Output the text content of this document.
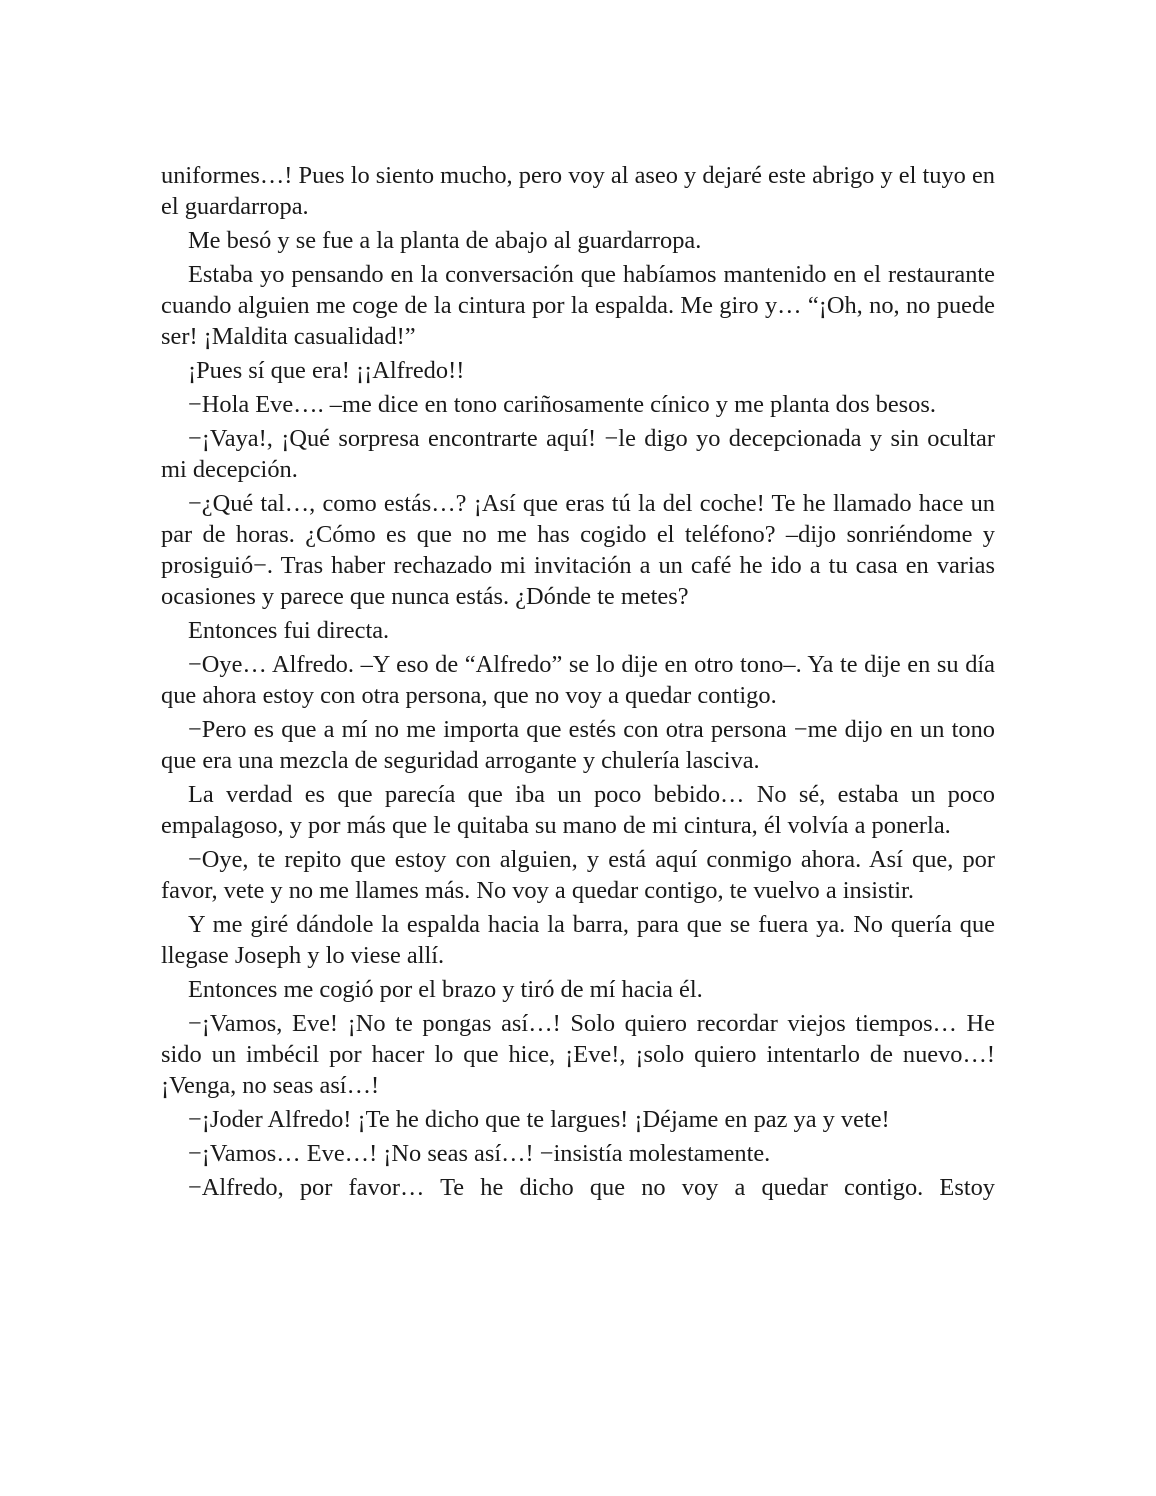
uniformes…! Pues lo siento mucho, pero voy al aseo y dejaré este abrigo y el tuyo en el guardarropa.

Me besó y se fue a la planta de abajo al guardarropa.

Estaba yo pensando en la conversación que habíamos mantenido en el restaurante cuando alguien me coge de la cintura por la espalda. Me giro y… “¡Oh, no, no puede ser! ¡Maldita casualidad!”

¡Pues sí que era! ¡¡Alfredo!!

−Hola Eve…. –me dice en tono cariñosamente cínico y me planta dos besos.

−¡Vaya!, ¡Qué sorpresa encontrarte aquí! −le digo yo decepcionada y sin ocultar mi decepción.

−¿Qué tal…, como estás…? ¡Así que eras tú la del coche! Te he llamado hace un par de horas. ¿Cómo es que no me has cogido el teléfono? –dijo sonriéndome y prosiguió−. Tras haber rechazado mi invitación a un café he ido a tu casa en varias ocasiones y parece que nunca estás. ¿Dónde te metes?

Entonces fui directa.

−Oye… Alfredo. –Y eso de “Alfredo” se lo dije en otro tono–. Ya te dije en su día que ahora estoy con otra persona, que no voy a quedar contigo.

−Pero es que a mí no me importa que estés con otra persona −me dijo en un tono que era una mezcla de seguridad arrogante y chulería lasciva.

La verdad es que parecía que iba un poco bebido… No sé, estaba un poco empalagoso, y por más que le quitaba su mano de mi cintura, él volvía a ponerla.

−Oye, te repito que estoy con alguien, y está aquí conmigo ahora. Así que, por favor, vete y no me llames más. No voy a quedar contigo, te vuelvo a insistir.

Y me giré dándole la espalda hacia la barra, para que se fuera ya. No quería que llegase Joseph y lo viese allí.

Entonces me cogió por el brazo y tiró de mí hacia él.

−¡Vamos, Eve! ¡No te pongas así…! Solo quiero recordar viejos tiempos… He sido un imbécil por hacer lo que hice, ¡Eve!, ¡solo quiero intentarlo de nuevo…! ¡Venga, no seas así…!

−¡Joder Alfredo! ¡Te he dicho que te largues! ¡Déjame en paz ya y vete!

−¡Vamos… Eve…! ¡No seas así…! −insistía molestamente.

−Alfredo, por favor… Te he dicho que no voy a quedar contigo. Estoy
